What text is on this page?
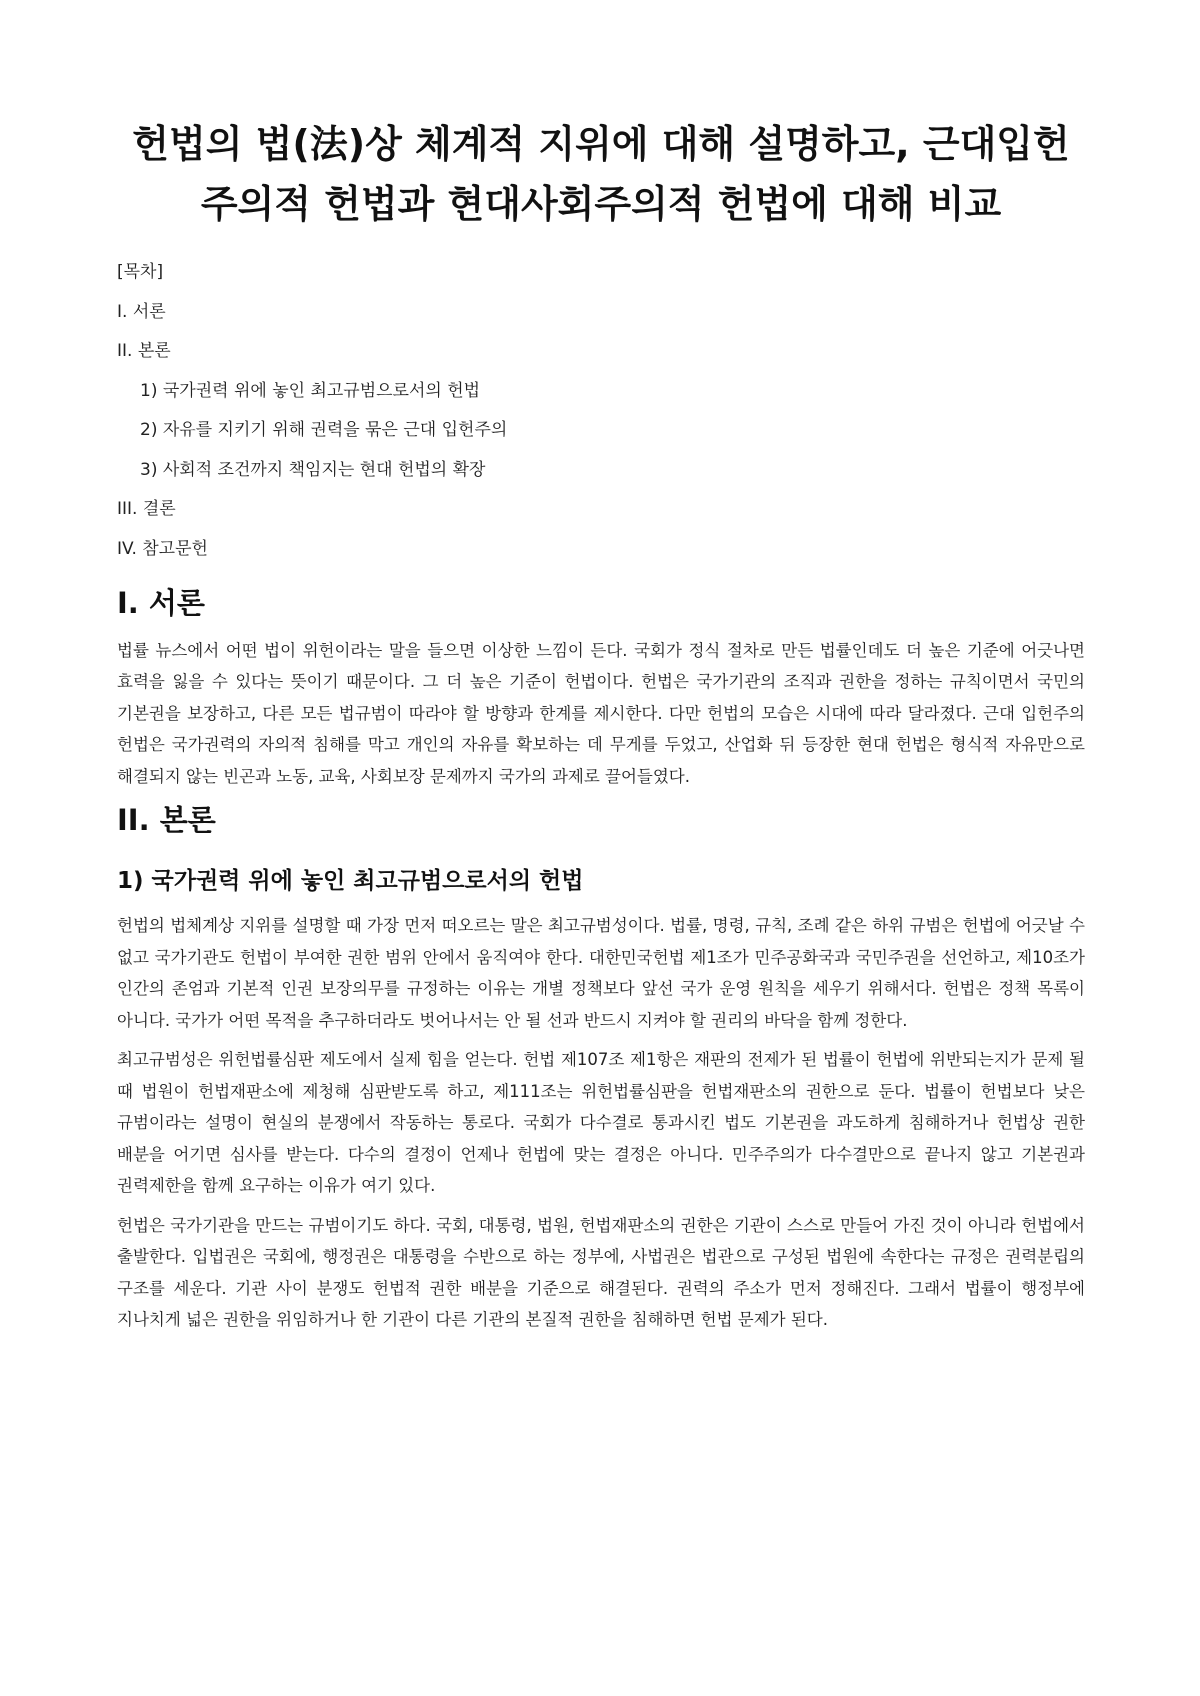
헌법의 법(法)상 체계적 지위에 대해 설명하고, 근대입헌주의적 헌법과 현대사회주의적 헌법에 대해 비교
[목차]
I. 서론
II. 본론
1) 국가권력 위에 놓인 최고규범으로서의 헌법
2) 자유를 지키기 위해 권력을 묶은 근대 입헌주의
3) 사회적 조건까지 책임지는 현대 헌법의 확장
III. 결론
IV. 참고문헌
I. 서론

법률 뉴스에서 어떤 법이 위헌이라는 말을 들으면 이상한 느낌이 든다. 국회가 정식 절차로 만든 법률인데도 더 높은 기준에 어긋나면 효력을 잃을 수 있다는 뜻이기 때문이다. 그 더 높은 기준이 헌법이다. 헌법은 국가기관의 조직과 권한을 정하는 규칙이면서 국민의 기본권을 보장하고, 다른 모든 법규범이 따라야 할 방향과 한계를 제시한다. 다만 헌법의 모습은 시대에 따라 달라졌다. 근대 입헌주의 헌법은 국가권력의 자의적 침해를 막고 개인의 자유를 확보하는 데 무게를 두었고, 산업화 뒤 등장한 현대 헌법은 형식적 자유만으로 해결되지 않는 빈곤과 노동, 교육, 사회보장 문제까지 국가의 과제로 끌어들였다.

II. 본론
1) 국가권력 위에 놓인 최고규범으로서의 헌법

헌법의 법체계상 지위를 설명할 때 가장 먼저 떠오르는 말은 최고규범성이다. 법률, 명령, 규칙, 조례 같은 하위 규범은 헌법에 어긋날 수 없고 국가기관도 헌법이 부여한 권한 범위 안에서 움직여야 한다. 대한민국헌법 제1조가 민주공화국과 국민주권을 선언하고, 제10조가 인간의 존엄과 기본적 인권 보장의무를 규정하는 이유는 개별 정책보다 앞선 국가 운영 원칙을 세우기 위해서다. 헌법은 정책 목록이 아니다. 국가가 어떤 목적을 추구하더라도 벗어나서는 안 될 선과 반드시 지켜야 할 권리의 바닥을 함께 정한다.

최고규범성은 위헌법률심판 제도에서 실제 힘을 얻는다. 헌법 제107조 제1항은 재판의 전제가 된 법률이 헌법에 위반되는지가 문제 될 때 법원이 헌법재판소에 제청해 심판받도록 하고, 제111조는 위헌법률심판을 헌법재판소의 권한으로 둔다. 법률이 헌법보다 낮은 규범이라는 설명이 현실의 분쟁에서 작동하는 통로다. 국회가 다수결로 통과시킨 법도 기본권을 과도하게 침해하거나 헌법상 권한 배분을 어기면 심사를 받는다. 다수의 결정이 언제나 헌법에 맞는 결정은 아니다. 민주주의가 다수결만으로 끝나지 않고 기본권과 권력제한을 함께 요구하는 이유가 여기 있다.

헌법은 국가기관을 만드는 규범이기도 하다. 국회, 대통령, 법원, 헌법재판소의 권한은 기관이 스스로 만들어 가진 것이 아니라 헌법에서 출발한다. 입법권은 국회에, 행정권은 대통령을 수반으로 하는 정부에, 사법권은 법관으로 구성된 법원에 속한다는 규정은 권력분립의 구조를 세운다. 기관 사이 분쟁도 헌법적 권한 배분을 기준으로 해결된다. 권력의 주소가 먼저 정해진다. 그래서 법률이 행정부에 지나치게 넓은 권한을 위임하거나 한 기관이 다른 기관의 본질적 권한을 침해하면 헌법 문제가 된다.
